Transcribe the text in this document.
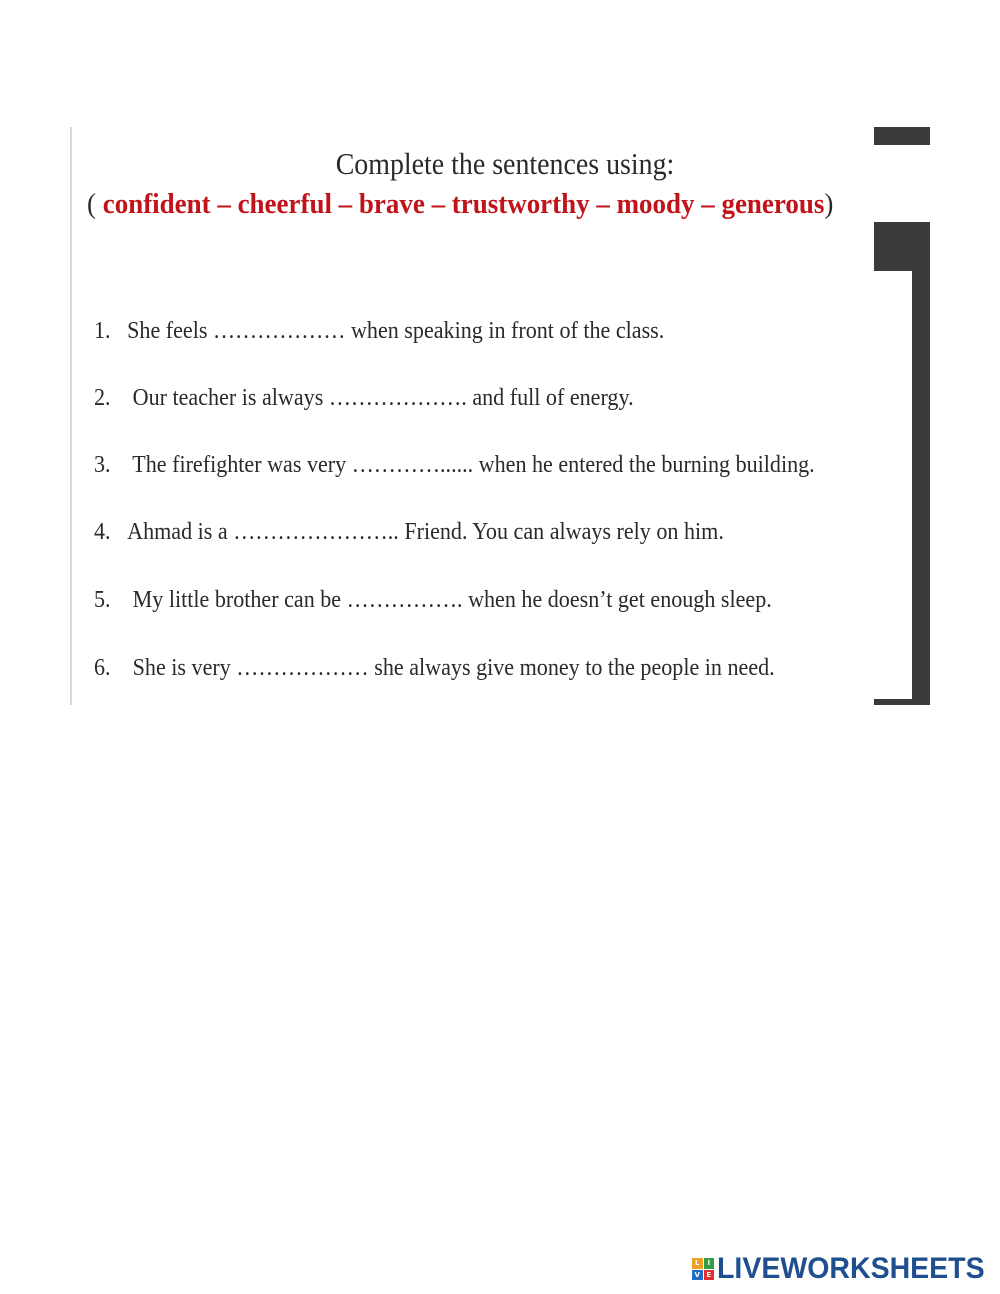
Complete the sentences using:
( confident – cheerful – brave – trustworthy – moody – generous)
1. She feels ……………… when speaking in front of the class.
2. Our teacher is always ………………. and full of energy.
3. The firefighter was very …………...... when he entered the burning building.
4. Ahmad is a ………………….. Friend. You can always rely on him.
5. My little brother can be ……………. when he doesn’t get enough sleep.
6. She is very ……………… she always give money to the people in need.
L	I
V E LIVEWORKSHEETS
